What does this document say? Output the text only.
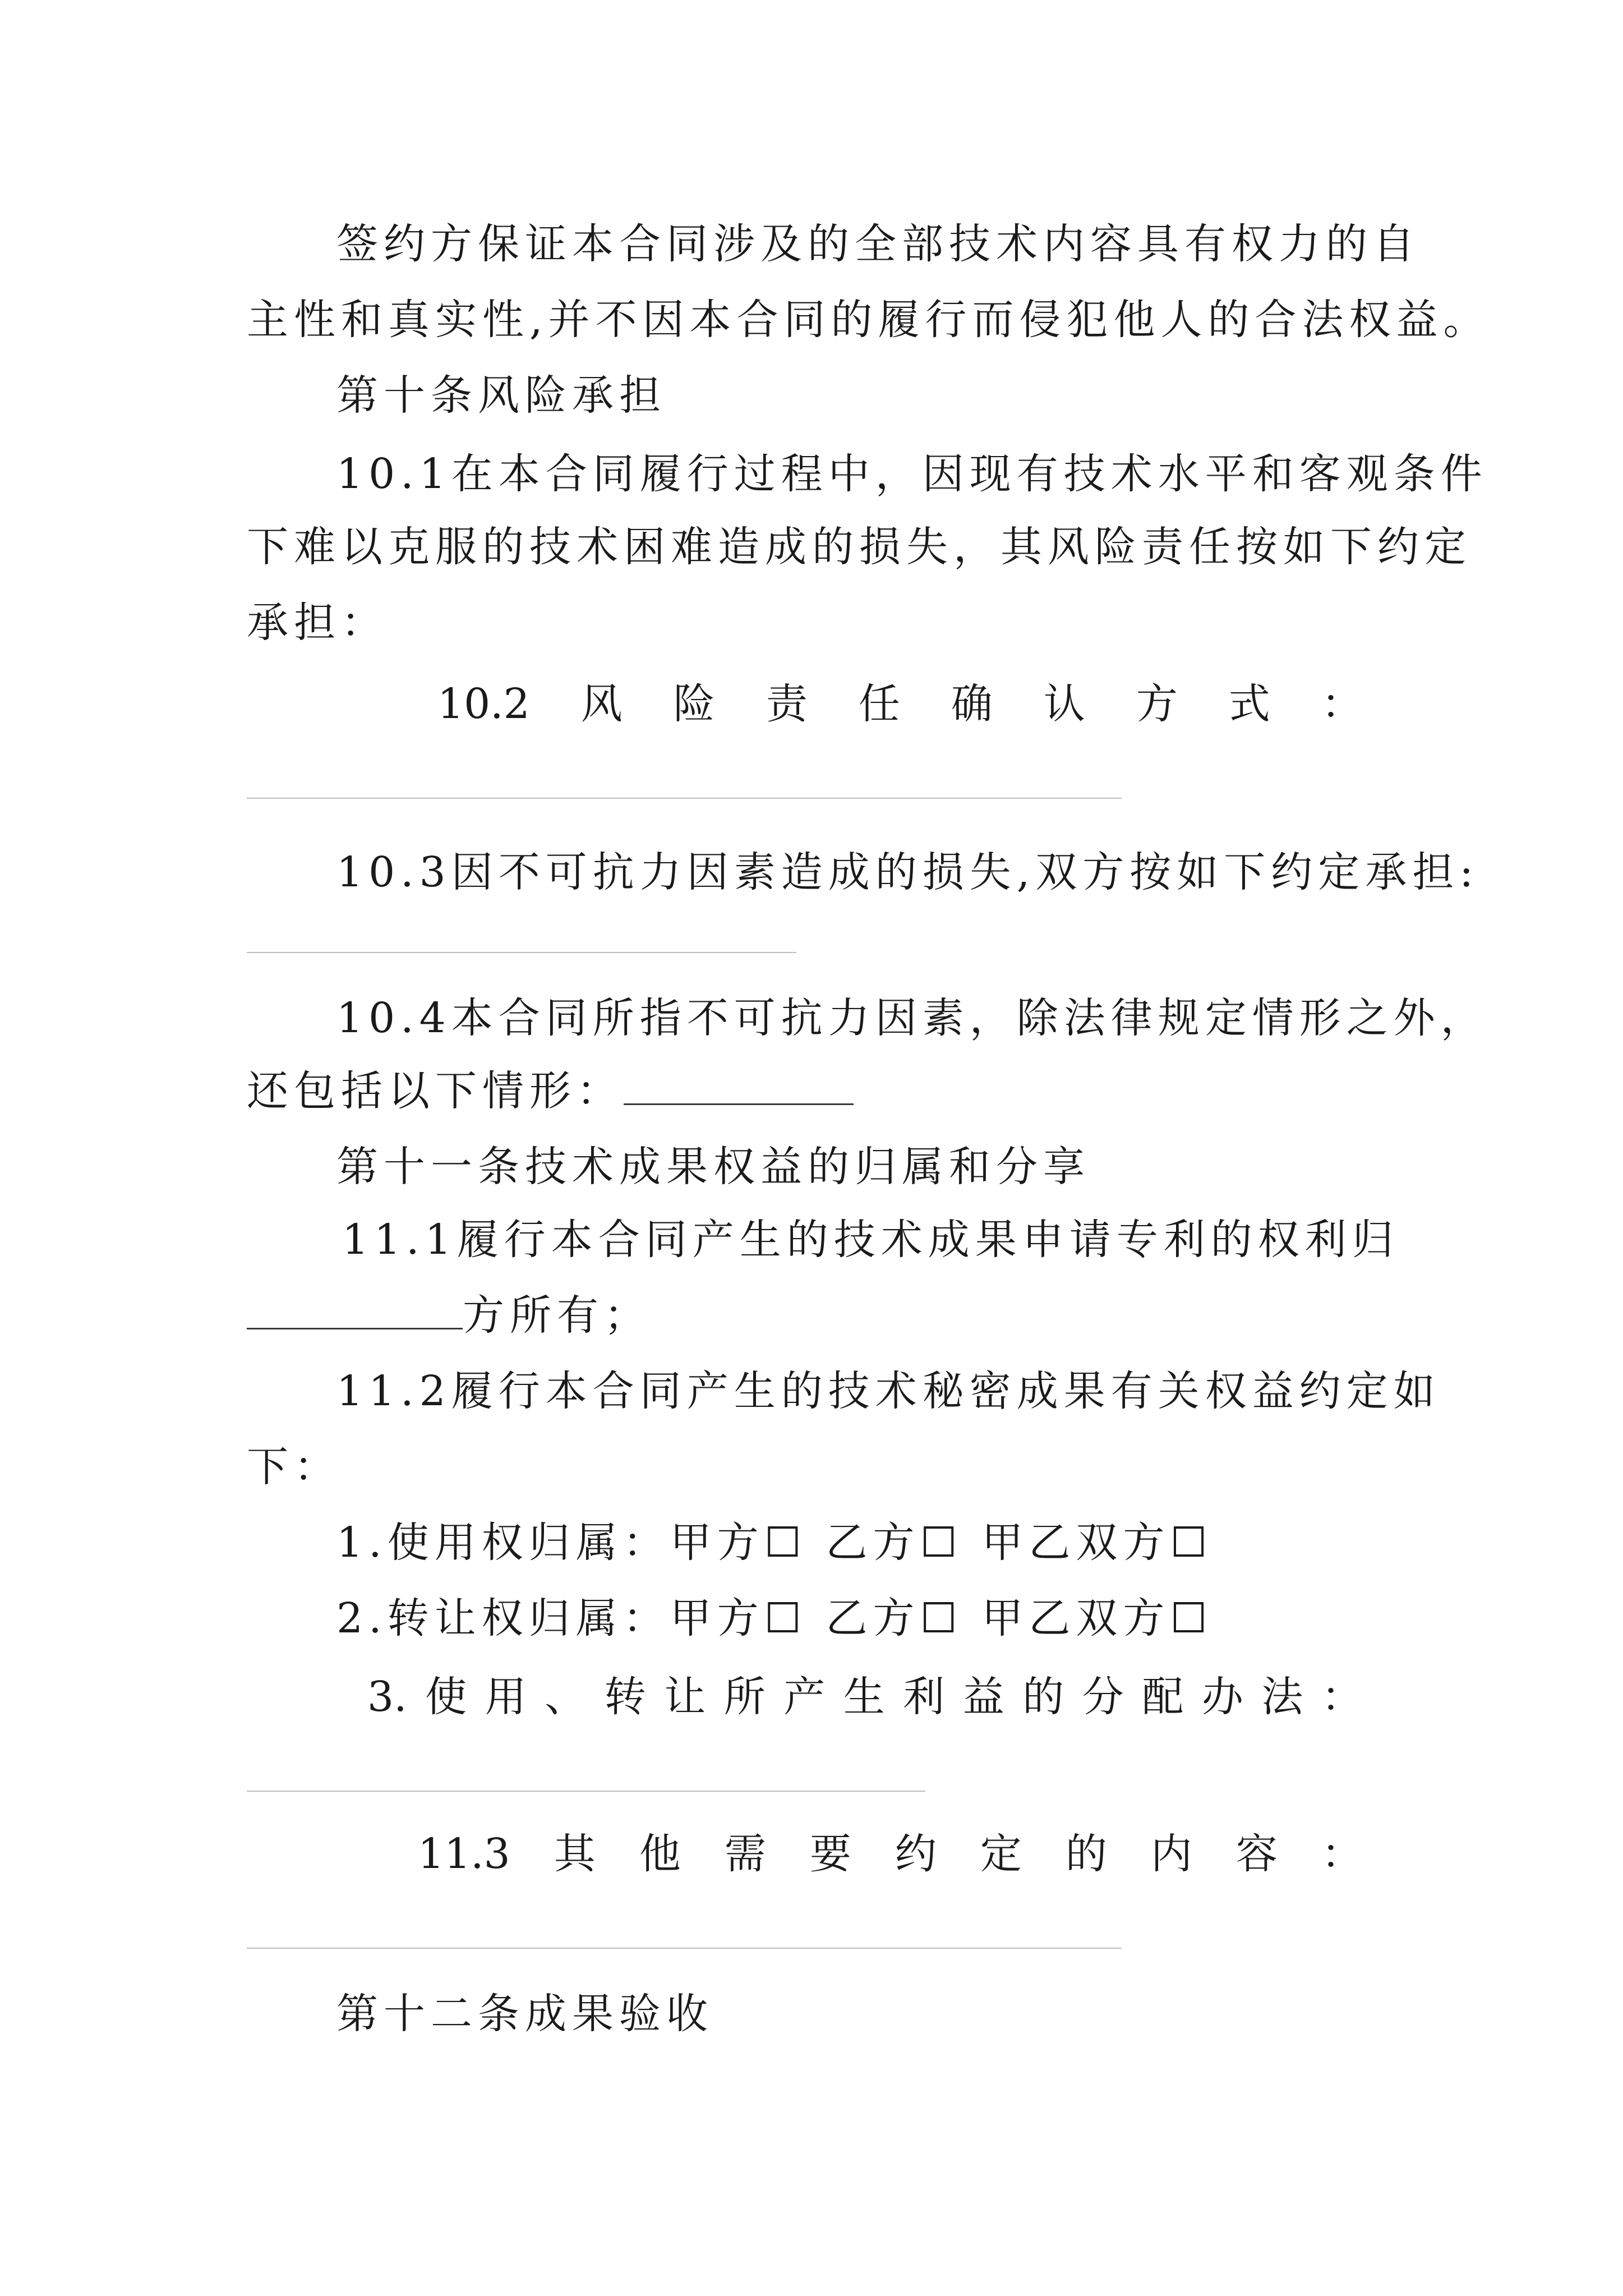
签约方保证本合同涉及的全部技术内容具有权力的自
主性和真实性,并不因本合同的履行而侵犯他人的合法权益。
第十条风险承担
10.1在本合同履行过程中，因现有技术水平和客观条件
下难以克服的技术困难造成的损失，其风险责任按如下约定
承担：
10.2 风 险 责 任 确 认 方 式 ：
10.3因不可抗力因素造成的损失,双方按如下约定承担:
10.4本合同所指不可抗力因素，除法律规定情形之外，
还包括以下情形：
第十一条技术成果权益的归属和分享
11.1履行本合同产生的技术成果申请专利的权利归
方所有；
11.2履行本合同产生的技术秘密成果有关权益约定如
下：
1.使用权归属：甲方☐ 乙方☐ 甲乙双方☐
2.转让权归属：甲方☐ 乙方☐ 甲乙双方☐
3. 使 用 、 转 让 所 产 生 利 益 的 分 配 办 法 ：
11.3 其 他 需 要 约 定 的 内 容 ：
第十二条成果验收
